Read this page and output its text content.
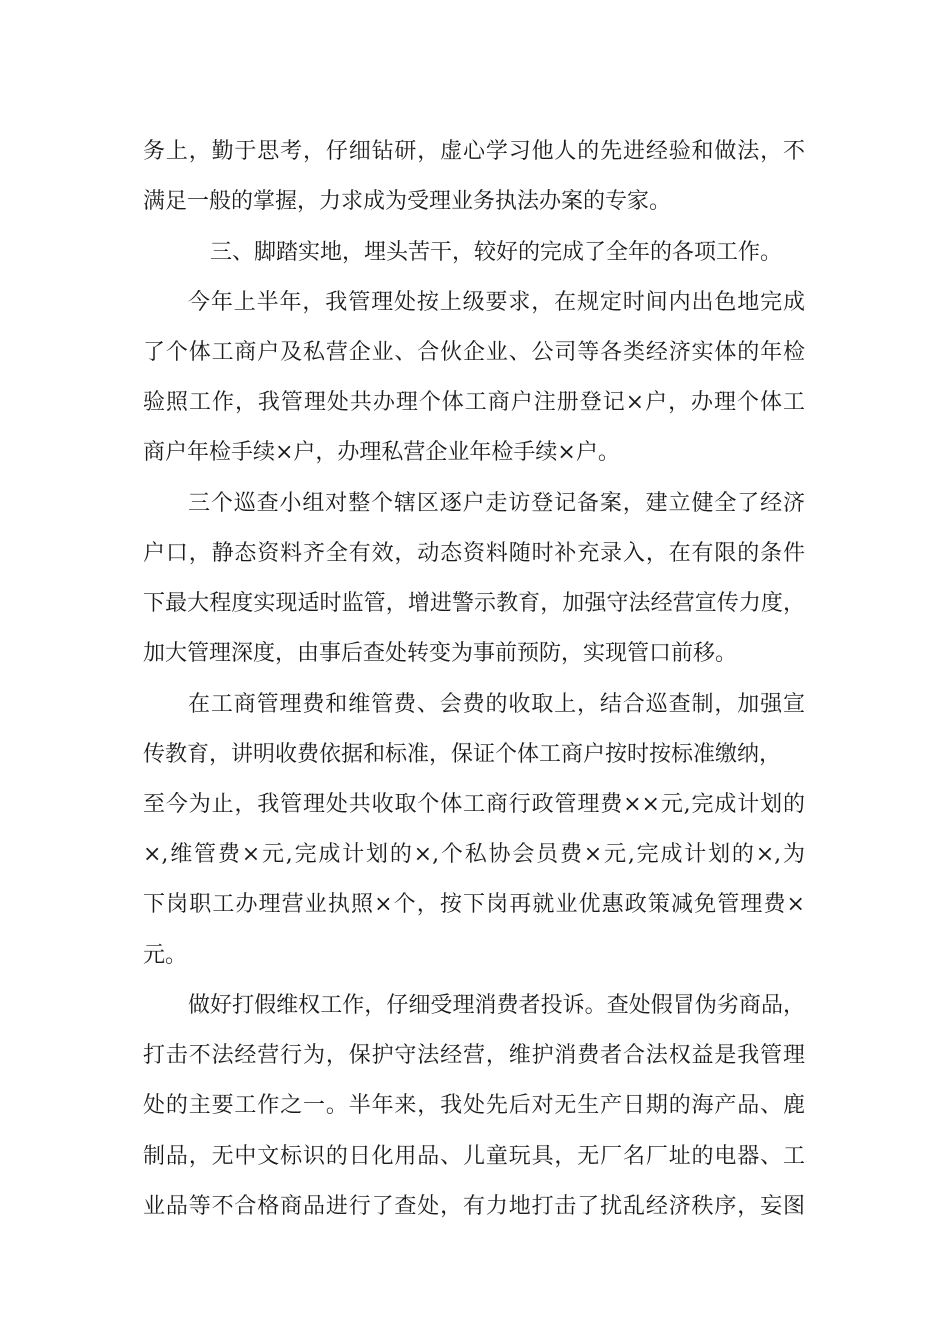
务上，勤于思考，仔细钻研，虚心学习他人的先进经验和做法，不
满足一般的掌握，力求成为受理业务执法办案的专家。
三、脚踏实地，埋头苦干，较好的完成了全年的各项工作。
今年上半年，我管理处按上级要求，在规定时间内出色地完成
了个体工商户及私营企业、合伙企业、公司等各类经济实体的年检
验照工作，我管理处共办理个体工商户注册登记×户，办理个体工
商户年检手续×户，办理私营企业年检手续×户。
三个巡查小组对整个辖区逐户走访登记备案，建立健全了经济
户口，静态资料齐全有效，动态资料随时补充录入，在有限的条件
下最大程度实现适时监管，增进警示教育，加强守法经营宣传力度，
加大管理深度，由事后查处转变为事前预防，实现管口前移。
在工商管理费和维管费、会费的收取上，结合巡查制，加强宣
传教育，讲明收费依据和标准，保证个体工商户按时按标准缴纳，
至今为止，我管理处共收取个体工商行政管理费××元,完成计划的
×,维管费×元,完成计划的×,个私协会员费×元,完成计划的×,为
下岗职工办理营业执照×个，按下岗再就业优惠政策减免管理费×
元。
做好打假维权工作，仔细受理消费者投诉。查处假冒伪劣商品，
打击不法经营行为，保护守法经营，维护消费者合法权益是我管理
处的主要工作之一。半年来，我处先后对无生产日期的海产品、鹿
制品，无中文标识的日化用品、儿童玩具，无厂名厂址的电器、工
业品等不合格商品进行了查处，有力地打击了扰乱经济秩序，妄图
